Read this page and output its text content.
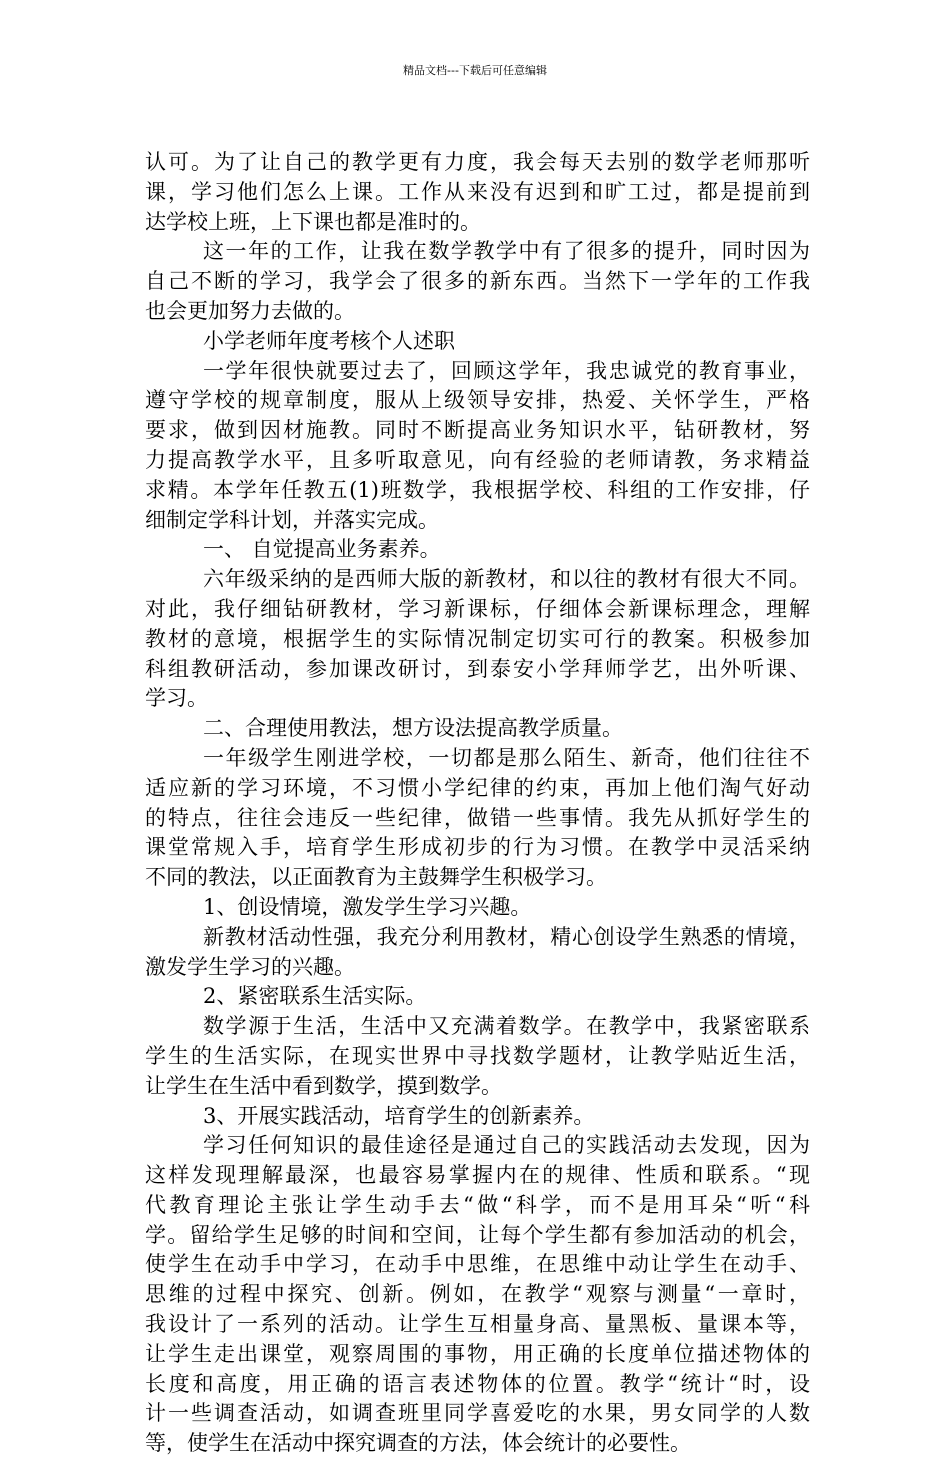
精品文档---下载后可任意编辑
认可。为了让自己的教学更有力度，我会每天去别的数学老师那听
课，学习他们怎么上课。工作从来没有迟到和旷工过，都是提前到
达学校上班，上下课也都是准时的。
这一年的工作，让我在数学教学中有了很多的提升，同时因为
自己不断的学习，我学会了很多的新东西。当然下一学年的工作我
也会更加努力去做的。
小学老师年度考核个人述职
一学年很快就要过去了，回顾这学年，我忠诚党的教育事业，
遵守学校的规章制度，服从上级领导安排，热爱、关怀学生，严格
要求，做到因材施教。同时不断提高业务知识水平，钻研教材，努
力提高教学水平，且多听取意见，向有经验的老师请教，务求精益
求精。本学年任教五(1)班数学，我根据学校、科组的工作安排，仔
细制定学科计划，并落实完成。
一、 自觉提高业务素养。
六年级采纳的是西师大版的新教材，和以往的教材有很大不同。
对此，我仔细钻研教材，学习新课标，仔细体会新课标理念，理解
教材的意境，根据学生的实际情况制定切实可行的教案。积极参加
科组教研活动，参加课改研讨，到泰安小学拜师学艺，出外听课、
学习。
二、合理使用教法，想方设法提高教学质量。
一年级学生刚进学校，一切都是那么陌生、新奇，他们往往不
适应新的学习环境，不习惯小学纪律的约束，再加上他们淘气好动
的特点，往往会违反一些纪律，做错一些事情。我先从抓好学生的
课堂常规入手，培育学生形成初步的行为习惯。在教学中灵活采纳
不同的教法，以正面教育为主鼓舞学生积极学习。
1、创设情境，激发学生学习兴趣。
新教材活动性强，我充分利用教材，精心创设学生熟悉的情境，
激发学生学习的兴趣。
2、紧密联系生活实际。
数学源于生活，生活中又充满着数学。在教学中，我紧密联系
学生的生活实际，在现实世界中寻找数学题材，让教学贴近生活，
让学生在生活中看到数学，摸到数学。
3、开展实践活动，培育学生的创新素养。
学习任何知识的最佳途径是通过自己的实践活动去发现，因为
这样发现理解最深，也最容易掌握内在的规律、性质和联系。“现
代教育理论主张让学生动手去“做“科学，而不是用耳朵“听“科
学。留给学生足够的时间和空间，让每个学生都有参加活动的机会，
使学生在动手中学习，在动手中思维，在思维中动让学生在动手、
思维的过程中探究、创新。例如，在教学“观察与测量“一章时，
我设计了一系列的活动。让学生互相量身高、量黑板、量课本等，
让学生走出课堂，观察周围的事物，用正确的长度单位描述物体的
长度和高度，用正确的语言表述物体的位置。教学“统计“时，设
计一些调查活动，如调查班里同学喜爱吃的水果，男女同学的人数
等，使学生在活动中探究调查的方法，体会统计的必要性。
